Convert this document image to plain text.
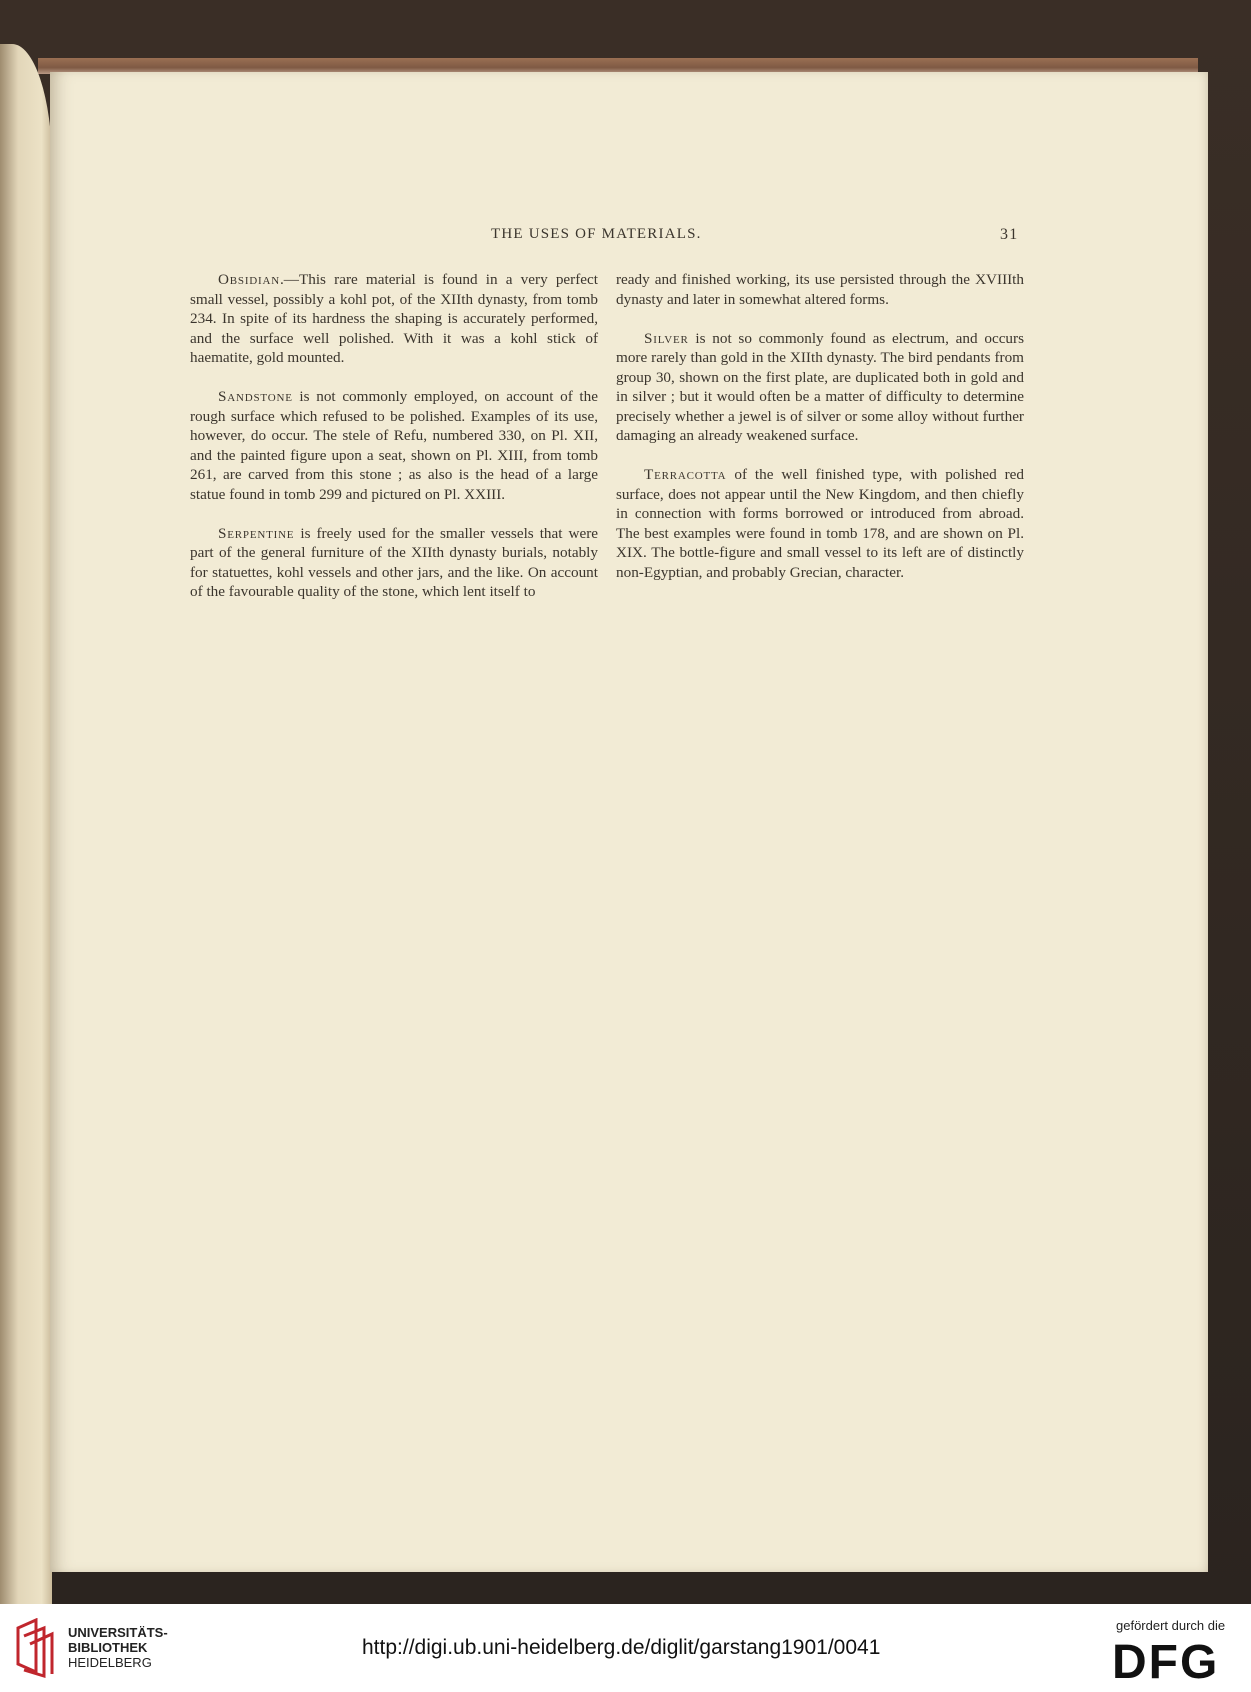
THE USES OF MATERIALS.	31

Obsidian.—This rare material is found in a very perfect small vessel, possibly a kohl pot, of the XIIth dynasty, from tomb 234. In spite of its hardness the shaping is accurately performed, and the surface well polished. With it was a kohl stick of haematite, gold mounted.

Sandstone is not commonly employed, on account of the rough surface which refused to be polished. Examples of its use, however, do occur. The stele of Refu, numbered 330, on Pl. XII, and the painted figure upon a seat, shown on Pl. XIII, from tomb 261, are carved from this stone ; as also is the head of a large statue found in tomb 299 and pictured on Pl. XXIII.

Serpentine is freely used for the smaller vessels that were part of the general furniture of the XIIth dynasty burials, notably for statuettes, kohl vessels and other jars, and the like. On account of the favourable quality of the stone, which lent itself to

ready and finished working, its use persisted through the XVIIIth dynasty and later in somewhat altered forms.

Silver is not so commonly found as electrum, and occurs more rarely than gold in the XIIth dynasty. The bird pendants from group 30, shown on the first plate, are duplicated both in gold and in silver ; but it would often be a matter of difficulty to determine precisely whether a jewel is of silver or some alloy without further damaging an already weakened surface.

Terracotta of the well finished type, with polished red surface, does not appear until the New Kingdom, and then chiefly in connection with forms borrowed or introduced from abroad. The best examples were found in tomb 178, and are shown on Pl. XIX. The bottle-figure and small vessel to its left are of distinctly non-Egyptian, and probably Grecian, character.

UNIVERSITÄTS-
BIBLIOTHEK
HEIDELBERG
http://digi.ub.uni-heidelberg.de/diglit/garstang1901/0041
gefördert durch die
DFG
